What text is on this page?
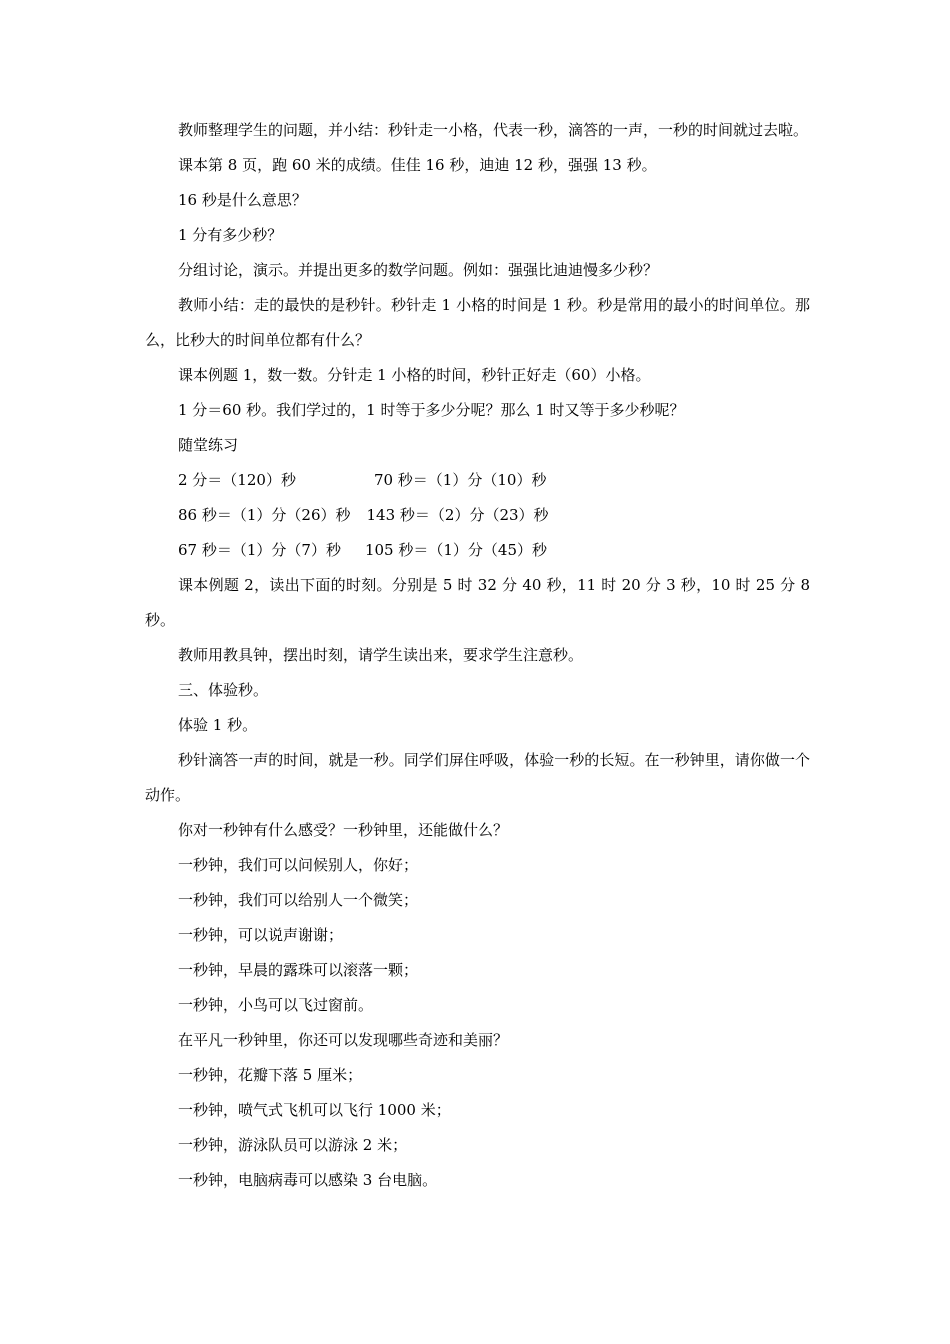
教师整理学生的问题，并小结：秒针走一小格，代表一秒，滴答的一声，一秒的时间就过去啦。

课本第 8 页，跑 60 米的成绩。佳佳 16 秒，迪迪 12 秒，强强 13 秒。

16 秒是什么意思？

1 分有多少秒？

分组讨论，演示。并提出更多的数学问题。例如：强强比迪迪慢多少秒？

教师小结：走的最快的是秒针。秒针走 1 小格的时间是 1 秒。秒是常用的最小的时间单位。那么，比秒大的时间单位都有什么？

课本例题 1，数一数。分针走 1 小格的时间，秒针正好走（60）小格。

1 分＝60 秒。我们学过的，1 时等于多少分呢？那么 1 时又等于多少秒呢？

随堂练习

2 分＝（120）秒	70 秒＝（1）分（10）秒

86 秒＝（1）分（26）秒 143 秒＝（2）分（23）秒

67 秒＝（1）分（7）秒 105 秒＝（1）分（45）秒

课本例题 2，读出下面的时刻。分别是 5 时 32 分 40 秒，11 时 20 分 3 秒，10 时 25 分 8 秒。

教师用教具钟，摆出时刻，请学生读出来，要求学生注意秒。

三、体验秒。

体验 1 秒。

秒针滴答一声的时间，就是一秒。同学们屏住呼吸，体验一秒的长短。在一秒钟里，请你做一个动作。

你对一秒钟有什么感受？一秒钟里，还能做什么？

一秒钟，我们可以问候别人，你好；

一秒钟，我们可以给别人一个微笑；

一秒钟，可以说声谢谢；

一秒钟，早晨的露珠可以滚落一颗；

一秒钟，小鸟可以飞过窗前。

在平凡一秒钟里，你还可以发现哪些奇迹和美丽？

一秒钟，花瓣下落 5 厘米；

一秒钟，喷气式飞机可以飞行 1000 米；

一秒钟，游泳队员可以游泳 2 米；

一秒钟，电脑病毒可以感染 3 台电脑。
